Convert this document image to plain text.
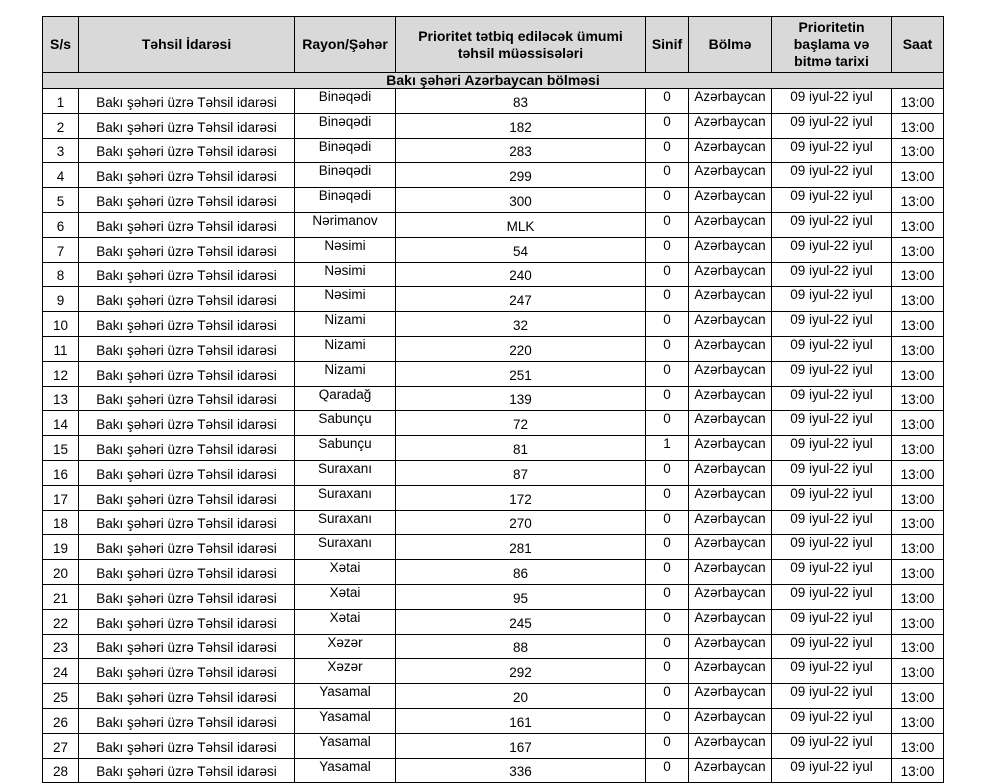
S/s	Təhsil İdarəsi	Rayon/Şəhər	Prioritet tətbiq ediləcək ümumi
təhsil müəssisələri	Sinif	Bölmə	Prioritetin
başlama və
bitmə tarixi	Saat
Bakı şəhəri Azərbaycan bölməsi							
1	Bakı şəhəri üzrə Təhsil idarəsi	Binəqədi	83	0	Azərbaycan	09 iyul-22 iyul	13:00
2	Bakı şəhəri üzrə Təhsil idarəsi	Binəqədi	182	0	Azərbaycan	09 iyul-22 iyul	13:00
3	Bakı şəhəri üzrə Təhsil idarəsi	Binəqədi	283	0	Azərbaycan	09 iyul-22 iyul	13:00
4	Bakı şəhəri üzrə Təhsil idarəsi	Binəqədi	299	0	Azərbaycan	09 iyul-22 iyul	13:00
5	Bakı şəhəri üzrə Təhsil idarəsi	Binəqədi	300	0	Azərbaycan	09 iyul-22 iyul	13:00
6	Bakı şəhəri üzrə Təhsil idarəsi	Nərimanov	MLK	0	Azərbaycan	09 iyul-22 iyul	13:00
7	Bakı şəhəri üzrə Təhsil idarəsi	Nəsimi	54	0	Azərbaycan	09 iyul-22 iyul	13:00
8	Bakı şəhəri üzrə Təhsil idarəsi	Nəsimi	240	0	Azərbaycan	09 iyul-22 iyul	13:00
9	Bakı şəhəri üzrə Təhsil idarəsi	Nəsimi	247	0	Azərbaycan	09 iyul-22 iyul	13:00
10	Bakı şəhəri üzrə Təhsil idarəsi	Nizami	32	0	Azərbaycan	09 iyul-22 iyul	13:00
11	Bakı şəhəri üzrə Təhsil idarəsi	Nizami	220	0	Azərbaycan	09 iyul-22 iyul	13:00
12	Bakı şəhəri üzrə Təhsil idarəsi	Nizami	251	0	Azərbaycan	09 iyul-22 iyul	13:00
13	Bakı şəhəri üzrə Təhsil idarəsi	Qaradağ	139	0	Azərbaycan	09 iyul-22 iyul	13:00
14	Bakı şəhəri üzrə Təhsil idarəsi	Sabunçu	72	0	Azərbaycan	09 iyul-22 iyul	13:00
15	Bakı şəhəri üzrə Təhsil idarəsi	Sabunçu	81	1	Azərbaycan	09 iyul-22 iyul	13:00
16	Bakı şəhəri üzrə Təhsil idarəsi	Suraxanı	87	0	Azərbaycan	09 iyul-22 iyul	13:00
17	Bakı şəhəri üzrə Təhsil idarəsi	Suraxanı	172	0	Azərbaycan	09 iyul-22 iyul	13:00
18	Bakı şəhəri üzrə Təhsil idarəsi	Suraxanı	270	0	Azərbaycan	09 iyul-22 iyul	13:00
19	Bakı şəhəri üzrə Təhsil idarəsi	Suraxanı	281	0	Azərbaycan	09 iyul-22 iyul	13:00
20	Bakı şəhəri üzrə Təhsil idarəsi	Xətai	86	0	Azərbaycan	09 iyul-22 iyul	13:00
21	Bakı şəhəri üzrə Təhsil idarəsi	Xətai	95	0	Azərbaycan	09 iyul-22 iyul	13:00
22	Bakı şəhəri üzrə Təhsil idarəsi	Xətai	245	0	Azərbaycan	09 iyul-22 iyul	13:00
23	Bakı şəhəri üzrə Təhsil idarəsi	Xəzər	88	0	Azərbaycan	09 iyul-22 iyul	13:00
24	Bakı şəhəri üzrə Təhsil idarəsi	Xəzər	292	0	Azərbaycan	09 iyul-22 iyul	13:00
25	Bakı şəhəri üzrə Təhsil idarəsi	Yasamal	20	0	Azərbaycan	09 iyul-22 iyul	13:00
26	Bakı şəhəri üzrə Təhsil idarəsi	Yasamal	161	0	Azərbaycan	09 iyul-22 iyul	13:00
27	Bakı şəhəri üzrə Təhsil idarəsi	Yasamal	167	0	Azərbaycan	09 iyul-22 iyul	13:00
28	Bakı şəhəri üzrə Təhsil idarəsi	Yasamal	336	0	Azərbaycan	09 iyul-22 iyul	13:00
